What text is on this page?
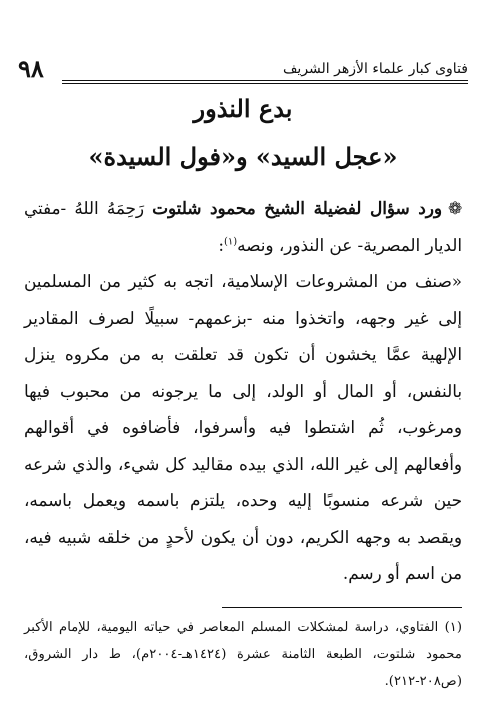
٩٨	فتاوى كبار علماء الأزهر الشريف
بدع النذور
«عجل السيد» و«فول السيدة»

❁ورد سؤال لفضيلة الشيخ محمود شلتوت رَحِمَهُ اللهُ -مفتي الديار المصرية- عن النذور، ونصه$^{(١)}$:

«صنف من المشروعات الإسلامية، اتجه به كثير من المسلمين إلى غير وجهه، واتخذوا منه -بزعمهم- سبيلًا لصرف المقادير الإلهية عمَّا يخشون أن تكون قد تعلقت به من مكروه ينزل بالنفس، أو المال أو الولد، إلى ما يرجونه من محبوب فيها ومرغوب، ثُم اشتطوا فيه وأسرفوا، فأضافوه في أقوالهم وأفعالهم إلى غير الله، الذي بيده مقاليد كل شيء، والذي شرعه حين شرعه منسوبًا إليه وحده، يلتزم باسمه ويعمل باسمه، ويقصد به وجهه الكريم، دون أن يكون لأحدٍ من خلقه شبيه فيه، من اسم أو رسم.

(١) الفتاوي، دراسة لمشكلات المسلم المعاصر في حياته اليومية، للإمام الأكبر محمود شلتوت، الطبعة الثامنة عشرة (١٤٢٤هـ-٢٠٠٤م)، ط دار الشروق، (ص٢٠٨-٢١٢).
